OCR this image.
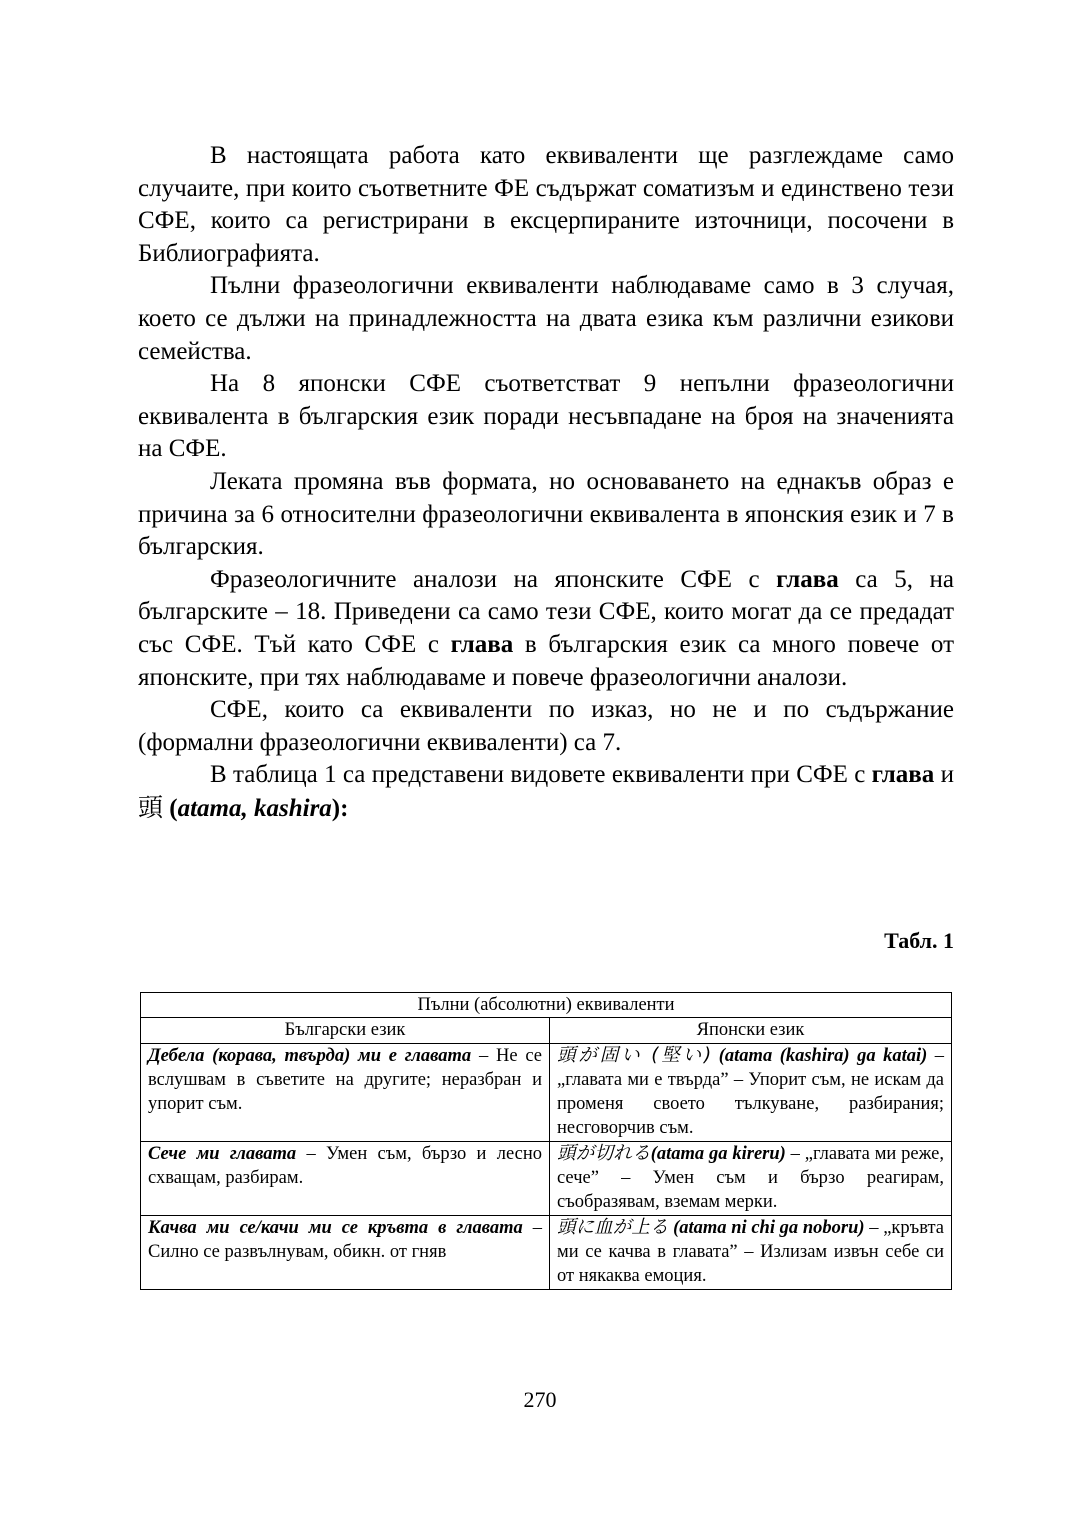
В настоящата работа като еквиваленти ще разглеждаме само случаите, при които съответните ФЕ съдържат соматизъм и единствено тези СФЕ, които са регистрирани в ексцерпираните източници, посочени в Библиографията.

Пълни фразеологични еквиваленти наблюдаваме само в 3 случая, което се дължи на принадлежността на двата езика към различни езикови семейства.

На 8 японски СФЕ съответстват 9 непълни фразеологични еквивалента в българския език поради несъвпадане на броя на значенията на СФЕ.

Леката промяна във формата, но основаването на еднакъв образ е причина за 6 относителни фразеологични еквивалента в японския език и 7 в българския.

Фразеологичните аналози на японските СФЕ с глава са 5, на българските – 18. Приведени са само тези СФЕ, които могат да се предадат със СФЕ. Тъй като СФЕ с глава в българския език са много повече от японските, при тях наблюдаваме и повече фразеологични аналози.

СФЕ, които са еквиваленти по изказ, но не и по съдържание (формални фразеологични еквиваленти) са 7.

В таблица 1 са представени видовете еквиваленти при СФЕ с глава и 頭 (atama, kashira):

Табл. 1
Пълни (абсолютни) еквиваленти	
Български език	Японски език
Дебела (корава, твърда) ми е главата – Не се вслушвам в съветите на другите; неразбран и упорит съм.	頭が固い (堅い) (atama (kashira) ga katai) – „главата ми е твърда” – Упорит съм, не искам да променя своето тълкуване, разбирания; несговорчив съм.
Сече ми главата – Умен съм, бързо и лесно схващам, разбирам.	頭が切れる(atama ga kireru) – „главата ми реже, сече” – Умен съм и бързо реагирам, съобразявам, вземам мерки.
Качва ми се/качи ми се кръвта в главата – Силно се развълнувам, обикн. от гняв	頭に血が上る (atama ni chi ga noboru) – „кръвта ми се качва в главата” – Излизам извън себе си от някаква емоция.
270
